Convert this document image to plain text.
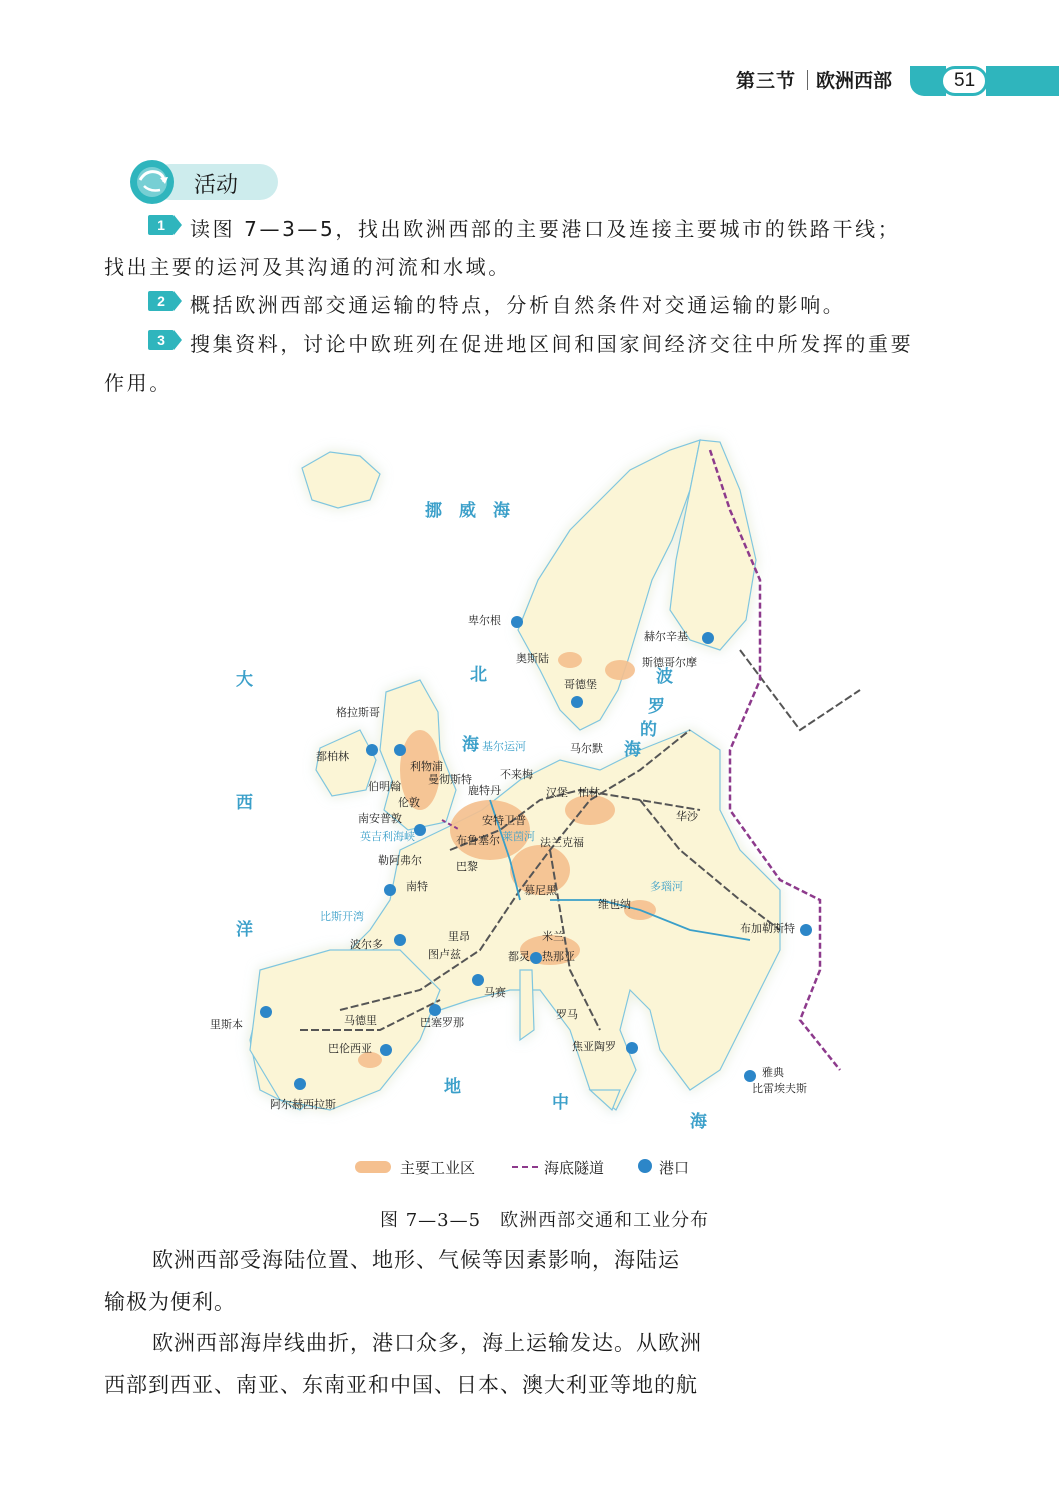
第三节 欧洲西部	51
活动
1	读图 7—3—5，找出欧洲西部的主要港口及连接主要城市的铁路干线；
找出主要的运河及其沟通的河流和水域。
2	概括欧洲西部交通运输的特点，分析自然条件对交通运输的影响。
3	搜集资料，讨论中欧班列在促进地区间和国家间经济交往中所发挥的重要
作用。
挪　威　海
大
西
洋
北
海
波
罗
的
海
地
中
海
比斯开湾
基尔运河
英吉利海峡	莱茵河
多瑙河
卑尔根
奥斯陆
赫尔辛基
斯德哥尔摩
哥德堡
格拉斯哥
都柏林
利物浦
曼彻斯特
伯明翰
伦敦
南安普敦
鹿特丹
不来梅
汉堡 柏林
安特卫普
布鲁塞尔	法兰克福
马尔默
华沙
勒阿弗尔	巴黎
南特	慕尼黑
维也纳
波尔多
里昂
图卢兹
米兰
都灵 热那亚
马赛
布加勒斯特
里斯本	马德里	巴塞罗那
巴伦西亚
阿尔赫西拉斯
罗马
焦亚陶罗
雅典
比雷埃夫斯
主要工业区	海底隧道	港口
图 7—3—5　欧洲西部交通和工业分布
欧洲西部受海陆位置、地形、气候等因素影响，海陆运
输极为便利。
欧洲西部海岸线曲折，港口众多，海上运输发达。从欧洲
西部到西亚、南亚、东南亚和中国、日本、澳大利亚等地的航
